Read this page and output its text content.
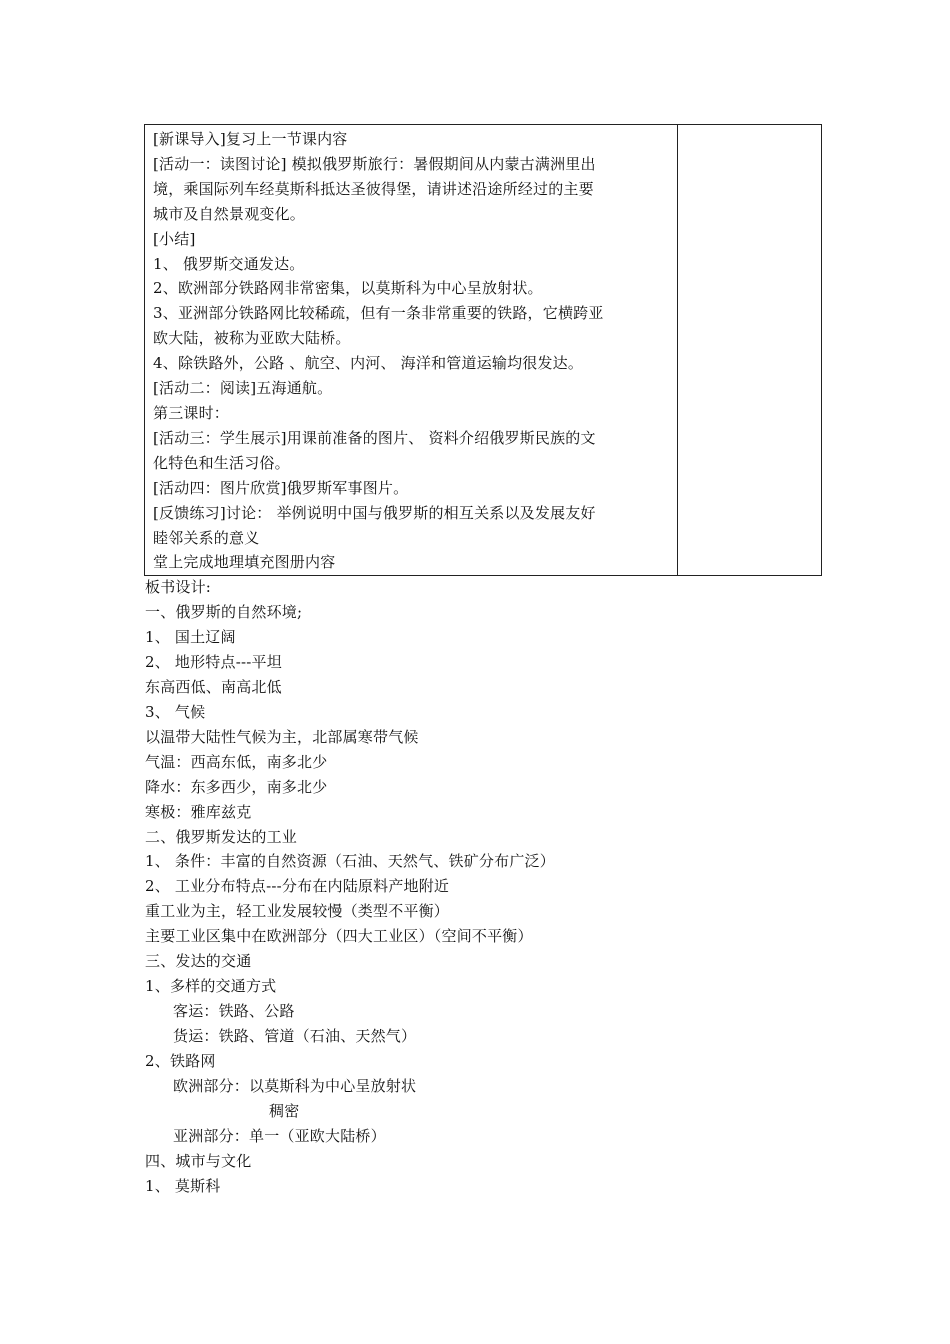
[新课导入]复习上一节课内容
[活动一：读图讨论] 模拟俄罗斯旅行：暑假期间从内蒙古满洲里出
境，乘国际列车经莫斯科抵达圣彼得堡，请讲述沿途所经过的主要
城市及自然景观变化。
[小结]
1、 俄罗斯交通发达。
2、欧洲部分铁路网非常密集，以莫斯科为中心呈放射状。
3、亚洲部分铁路网比较稀疏，但有一条非常重要的铁路，它横跨亚
欧大陆，被称为亚欧大陆桥。
4、除铁路外，公路 、航空、内河、 海洋和管道运输均很发达。
[活动二：阅读]五海通航。
第三课时：
[活动三：学生展示]用课前准备的图片、 资料介绍俄罗斯民族的文
化特色和生活习俗。
[活动四：图片欣赏]俄罗斯军事图片。
[反馈练习]讨论： 举例说明中国与俄罗斯的相互关系以及发展友好
睦邻关系的意义
堂上完成地理填充图册内容

板书设计:
一、俄罗斯的自然环境;
1、 国土辽阔
2、 地形特点---平坦
东高西低、南高北低
3、 气候
以温带大陆性气候为主，北部属寒带气候
气温：西高东低，南多北少
降水：东多西少，南多北少
寒极：雅库兹克
二、俄罗斯发达的工业
1、 条件：丰富的自然资源（石油、天然气、铁矿分布广泛）
2、 工业分布特点---分布在内陆原料产地附近
重工业为主，轻工业发展较慢（类型不平衡）
主要工业区集中在欧洲部分（四大工业区）（空间不平衡）
三、发达的交通
1、多样的交通方式
客运：铁路、公路
货运：铁路、管道（石油、天然气）
2、铁路网
欧洲部分：以莫斯科为中心呈放射状
稠密
亚洲部分：单一（亚欧大陆桥）
四、城市与文化
1、 莫斯科
